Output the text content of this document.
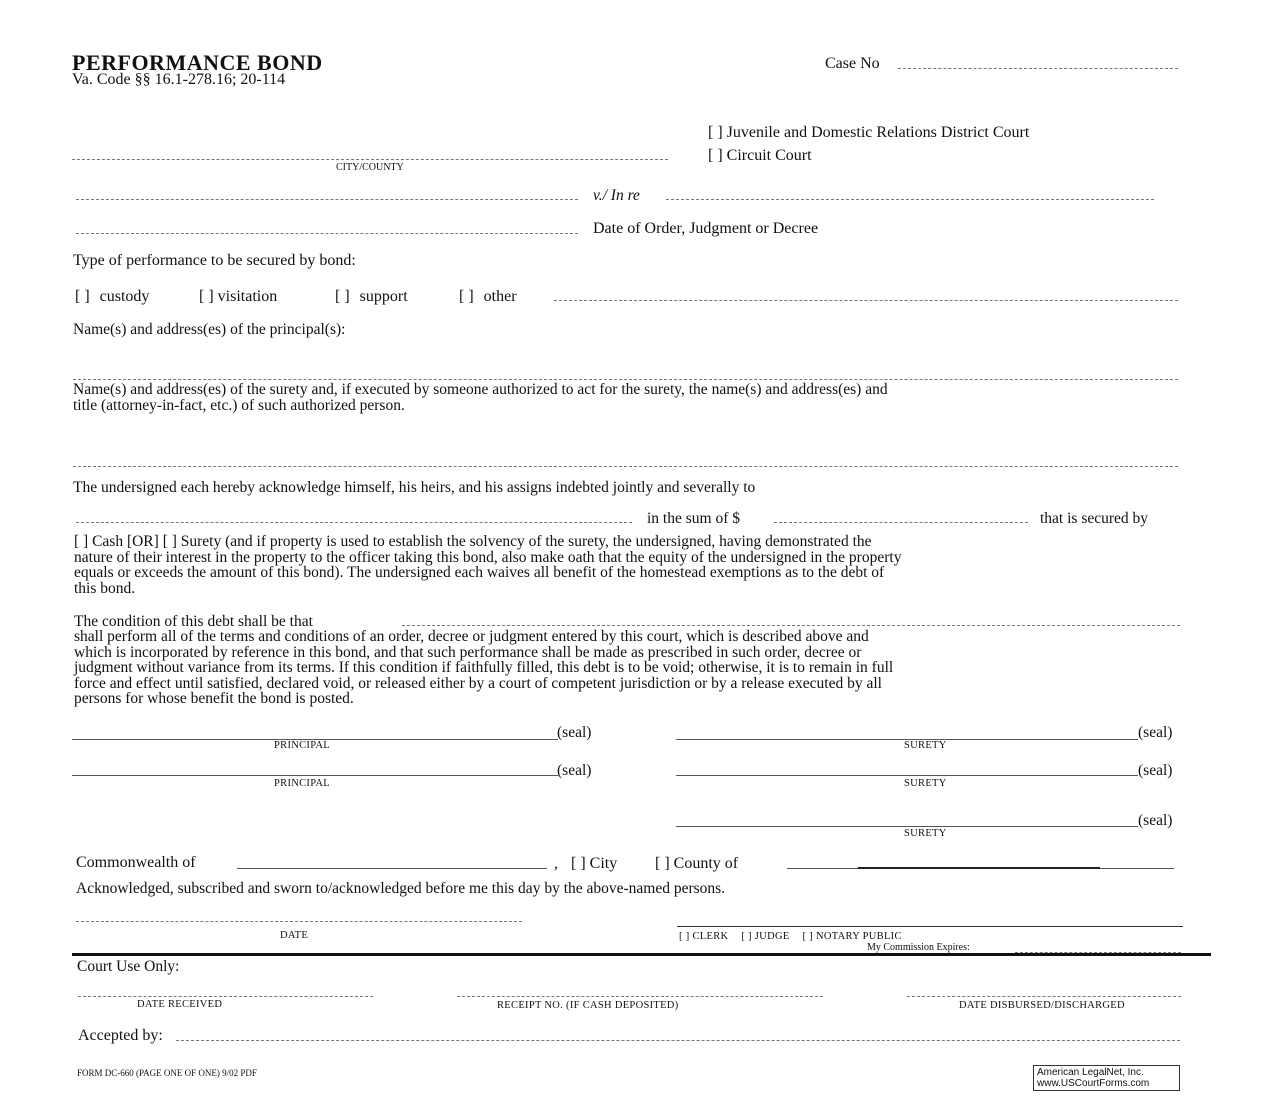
PERFORMANCE BOND
Va. Code §§ 16.1-278.16; 20-114
Case No
[ ] Juvenile and Domestic Relations District Court
[ ] Circuit Court
CITY/COUNTY
v./ In re
Date of Order, Judgment or Decree
Type of performance to be secured by bond:
[ ] custody	[ ] visitation	[ ] support	[ ] other
Name(s) and address(es) of the principal(s):
Name(s) and address(es) of the surety and, if executed by someone authorized to act for the surety, the name(s) and address(es) and
title (attorney-in-fact, etc.) of such authorized person.
The undersigned each hereby acknowledge himself, his heirs, and his assigns indebted jointly and severally to
in the sum of $	that is secured by
[ ] Cash [OR] [ ] Surety (and if property is used to establish the solvency of the surety, the undersigned, having demonstrated the
nature of their interest in the property to the officer taking this bond, also make oath that the equity of the undersigned in the property
equals or exceeds the amount of this bond). The undersigned each waives all benefit of the homestead exemptions as to the debt of
this bond.
The condition of this debt shall be that
shall perform all of the terms and conditions of an order, decree or judgment entered by this court, which is described above and
which is incorporated by reference in this bond, and that such performance shall be made as prescribed in such order, decree or
judgment without variance from its terms. If this condition if faithfully filled, this debt is to be void; otherwise, it is to remain in full
force and effect until satisfied, declared void, or released either by a court of competent jurisdiction or by a release executed by all
persons for whose benefit the bond is posted.
(seal)
PRINCIPAL
(seal)
PRINCIPAL
(seal)
SURETY
(seal)
SURETY
(seal)
SURETY
Commonwealth of	, [ ] City [ ] County of
Acknowledged, subscribed and sworn to/acknowledged before me this day by the above-named persons.
DATE	[ ] CLERK [ ] JUDGE [ ] NOTARY PUBLIC
My Commission Expires:
Court Use Only:
DATE RECEIVED	RECEIPT NO. (IF CASH DEPOSITED)	DATE DISBURSED/DISCHARGED
Accepted by:
FORM DC-660 (PAGE ONE OF ONE) 9/02 PDF	American LegalNet, Inc.
www.USCourtForms.com
